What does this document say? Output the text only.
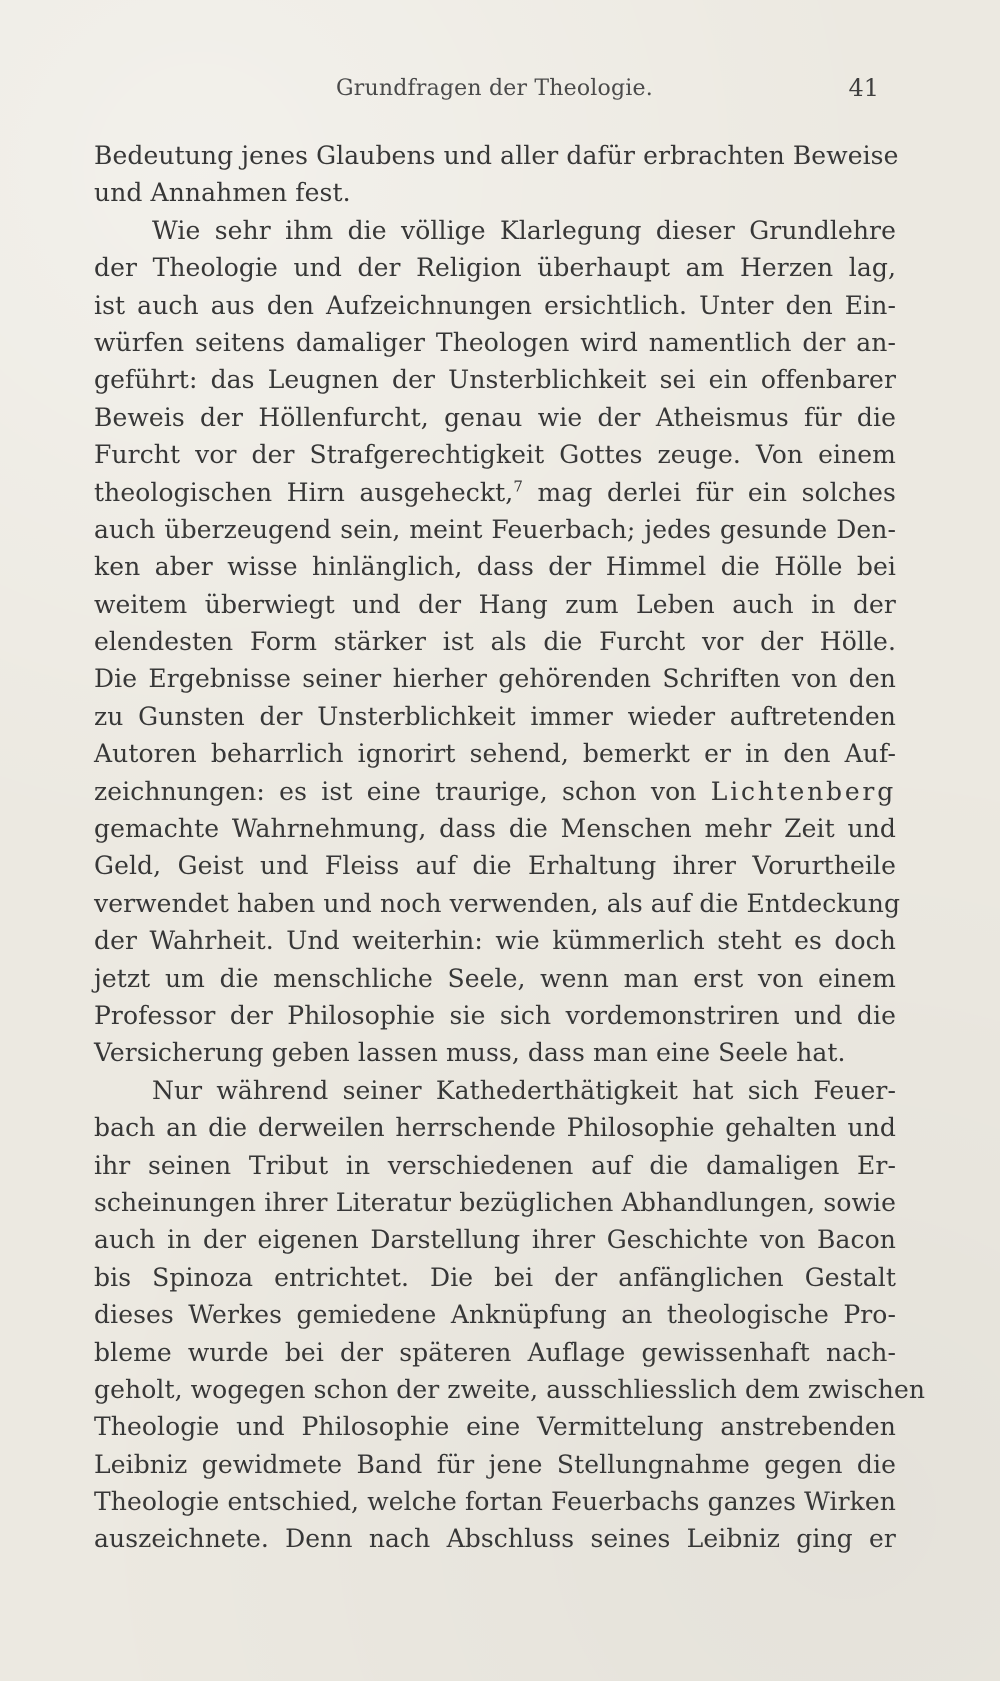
Grundfragen der Theologie.	41
Bedeutung jenes Glaubens und aller dafür erbrachten Beweise
und Annahmen fest.
Wie sehr ihm die völlige Klarlegung dieser Grundlehre
der Theologie und der Religion überhaupt am Herzen lag,
ist auch aus den Aufzeichnungen ersichtlich. Unter den Ein-
würfen seitens damaliger Theologen wird namentlich der an-
geführt: das Leugnen der Unsterblichkeit sei ein offenbarer
Beweis der Höllenfurcht, genau wie der Atheismus für die
Furcht vor der Strafgerechtigkeit Gottes zeuge. Von einem
theologischen Hirn ausgeheckt,$^7$ mag derlei für ein solches
auch überzeugend sein, meint Feuerbach; jedes gesunde Den-
ken aber wisse hinlänglich, dass der Himmel die Hölle bei
weitem überwiegt und der Hang zum Leben auch in der
elendesten Form stärker ist als die Furcht vor der Hölle.
Die Ergebnisse seiner hierher gehörenden Schriften von den
zu Gunsten der Unsterblichkeit immer wieder auftretenden
Autoren beharrlich ignorirt sehend, bemerkt er in den Auf-
zeichnungen: es ist eine traurige, schon von Lichtenberg
gemachte Wahrnehmung, dass die Menschen mehr Zeit und
Geld, Geist und Fleiss auf die Erhaltung ihrer Vorurtheile
verwendet haben und noch verwenden, als auf die Entdeckung
der Wahrheit. Und weiterhin: wie kümmerlich steht es doch
jetzt um die menschliche Seele, wenn man erst von einem
Professor der Philosophie sie sich vordemonstriren und die
Versicherung geben lassen muss, dass man eine Seele hat.
Nur während seiner Kathederthätigkeit hat sich Feuer-
bach an die derweilen herrschende Philosophie gehalten und
ihr seinen Tribut in verschiedenen auf die damaligen Er-
scheinungen ihrer Literatur bezüglichen Abhandlungen, sowie
auch in der eigenen Darstellung ihrer Geschichte von Bacon
bis Spinoza entrichtet. Die bei der anfänglichen Gestalt
dieses Werkes gemiedene Anknüpfung an theologische Pro-
bleme wurde bei der späteren Auflage gewissenhaft nach-
geholt, wogegen schon der zweite, ausschliesslich dem zwischen
Theologie und Philosophie eine Vermittelung anstrebenden
Leibniz gewidmete Band für jene Stellungnahme gegen die
Theologie entschied, welche fortan Feuerbachs ganzes Wirken
auszeichnete. Denn nach Abschluss seines Leibniz ging er
